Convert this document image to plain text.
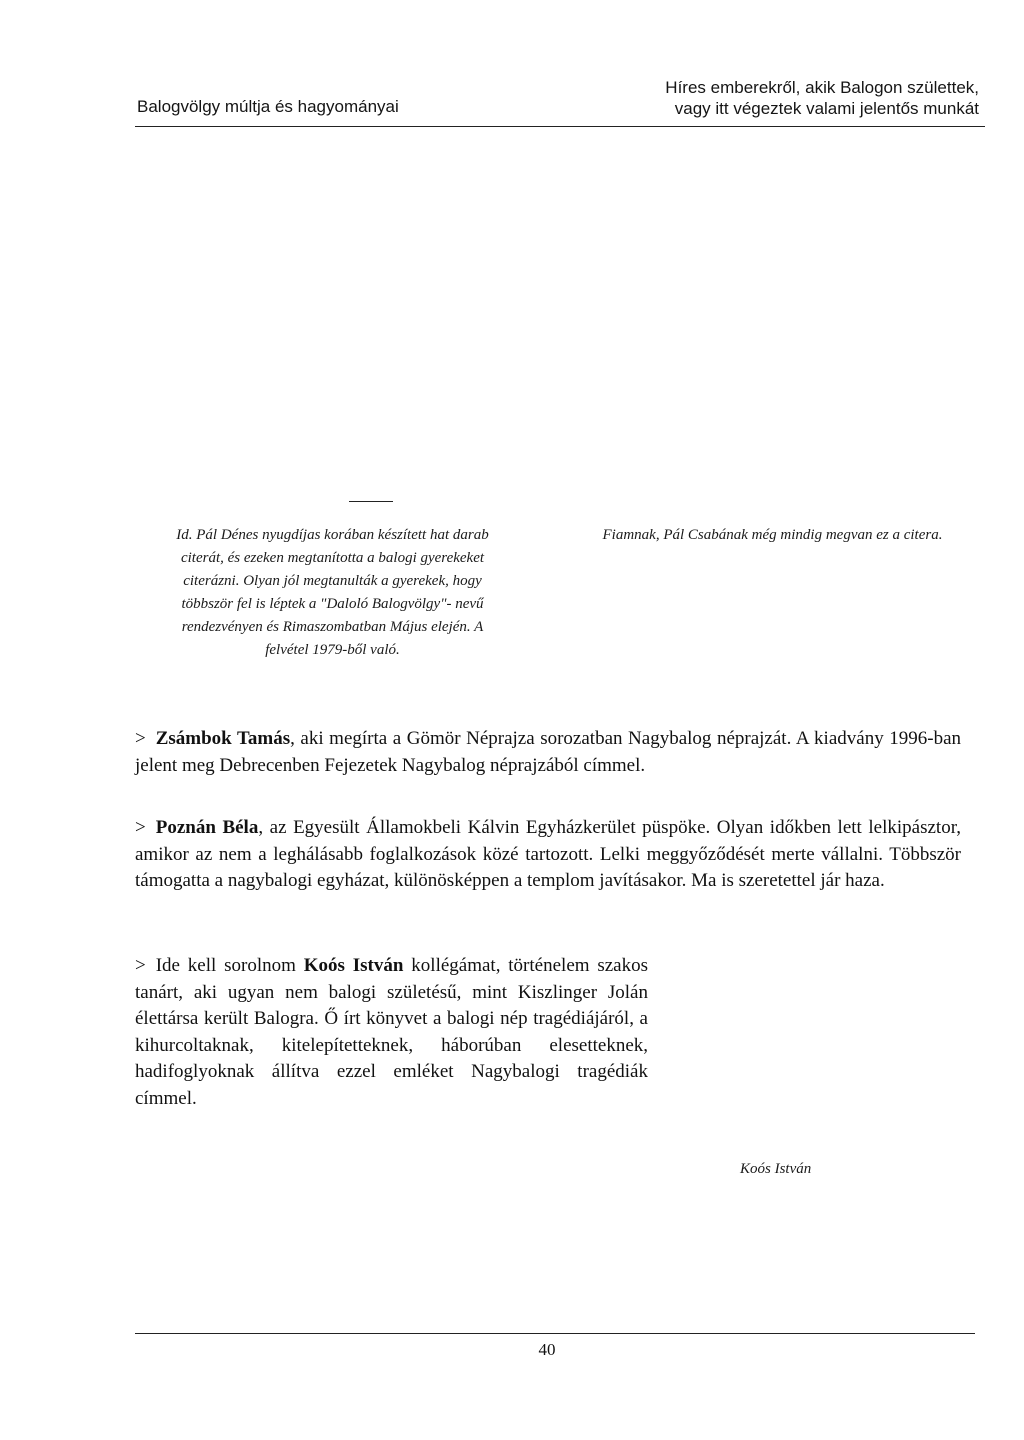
Balogvölgy múltja és hagyományai
Híres emberekről, akik Balogon születtek,
vagy itt végeztek valami jelentős munkát
Id. Pál Dénes nyugdíjas korában készített hat darab citerát, és ezeken megtanította a balogi gyerekeket citerázni. Olyan jól megtanulták a gyerekek, hogy többször fel is léptek a "Daloló Balogvölgy"- nevű rendezvényen és Rimaszombatban Május elején. A felvétel 1979-ből való.
Fiamnak, Pál Csabának még mindig megvan ez a citera.

> Zsámbok Tamás, aki megírta a Gömör Néprajza sorozatban Nagybalog néprajzát. A kiadvány 1996-ban jelent meg Debrecenben Fejezetek Nagybalog néprajzából címmel.

> Poznán Béla, az Egyesült Államokbeli Kálvin Egyházkerület püspöke. Olyan időkben lett lelkipásztor, amikor az nem a leghálásabb foglalkozások közé tartozott. Lelki meggyőződését merte vállalni. Többször támogatta a nagybalogi egyházat, különösképpen a templom javításakor. Ma is szeretettel jár haza.

> Ide kell sorolnom Koós István kollégámat, történelem szakos tanárt, aki ugyan nem balogi születésű, mint Kiszlinger Jolán élettársa került Balogra. Ő írt könyvet a balogi nép tragédiájáról, a kihurcoltaknak, kitelepítetteknek, háborúban elesetteknek, hadifoglyoknak állítva ezzel emléket Nagybalogi tragédiák címmel.

Koós István
40
